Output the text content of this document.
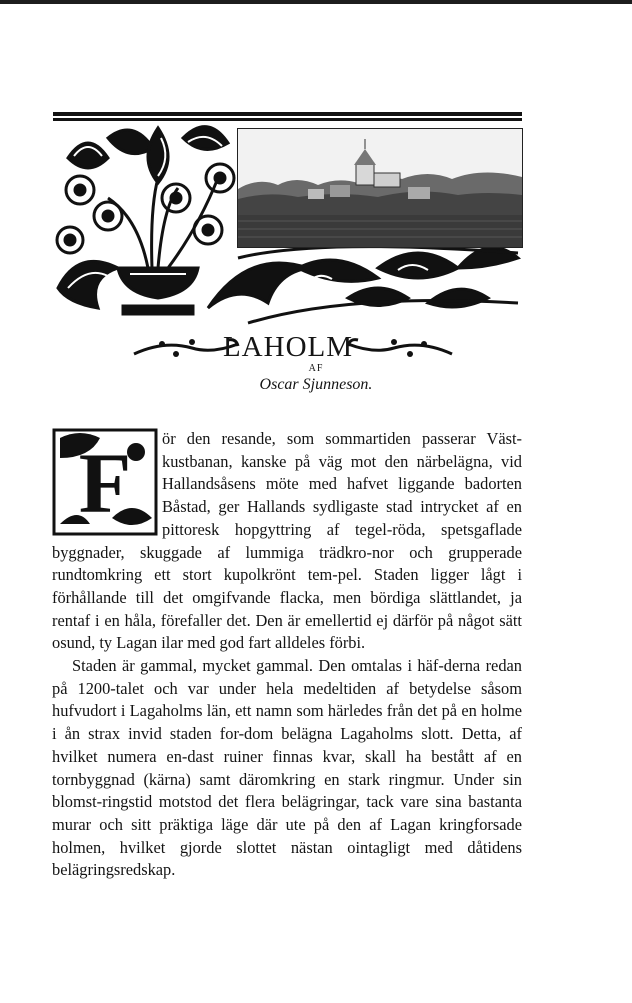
LAHOLM
AF
Oscar Sjunneson.
F	ör den resande, som sommartiden passerar Väst-kustbanan, kanske på väg mot den närbelägna, vid Hallandsåsens möte med hafvet liggande badorten Båstad, ger Hallands sydligaste stad intrycket af en pittoresk hopgyttring af tegel-röda, spetsgaflade byggnader, skuggade af lummiga trädkro-nor och grupperade rundtomkring ett stort kupolkrönt tem-pel. Staden ligger lågt i förhållande till det omgifvande flacka, men bördiga slättlandet, ja rentaf i en håla, förefaller det. Den är emellertid ej därför på något sätt osund, ty Lagan ilar med god fart alldeles förbi.

Staden är gammal, mycket gammal. Den omtalas i häf-derna redan på 1200-talet och var under hela medeltiden af betydelse såsom hufvudort i Lagaholms län, ett namn som härledes från det på en holme i ån strax invid staden for-dom belägna Lagaholms slott. Detta, af hvilket numera en-dast ruiner finnas kvar, skall ha bestått af en tornbyggnad (kärna) samt däromkring en stark ringmur. Under sin blomst-ringstid motstod det flera belägringar, tack vare sina bastanta murar och sitt präktiga läge där ute på den af Lagan kringforsade holmen, hvilket gjorde slottet nästan ointagligt med dåtidens belägringsredskap.
